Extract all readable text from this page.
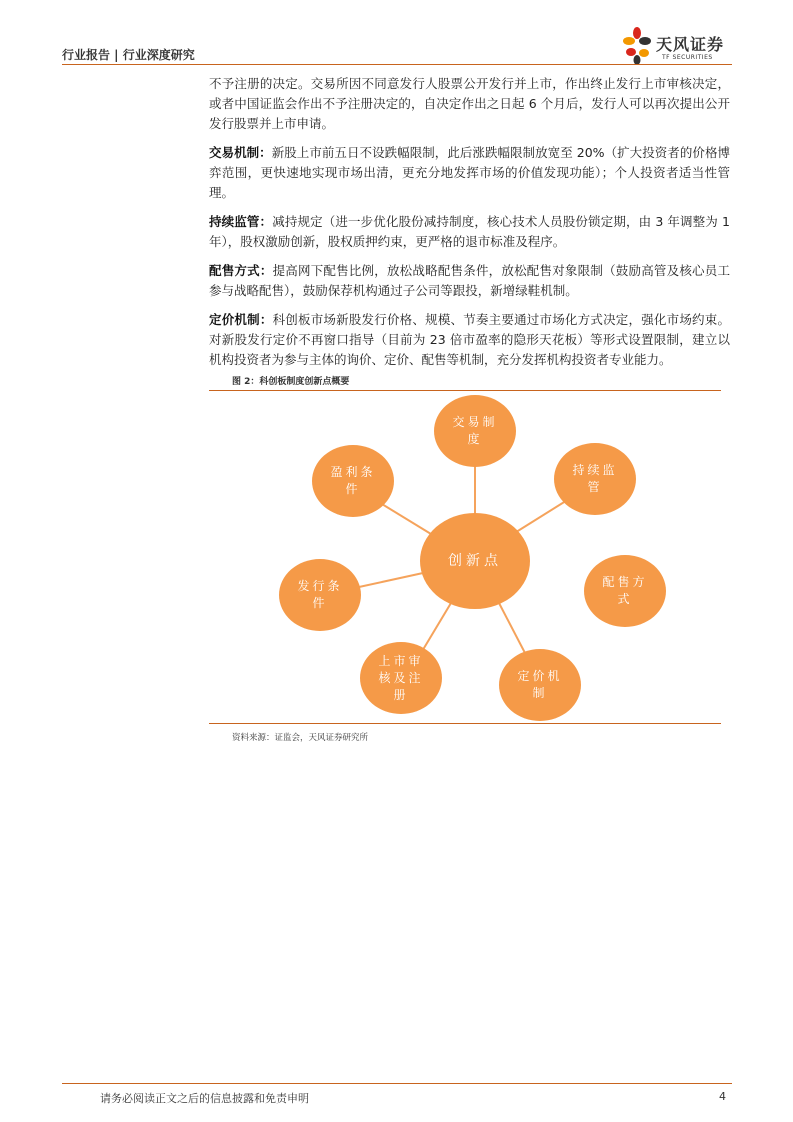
行业报告 | 行业深度研究
天风证券
TF SECURITIES

不予注册的决定。交易所因不同意发行人股票公开发行并上市，作出终止发行上市审核决定，或者中国证监会作出不予注册决定的，自决定作出之日起 6 个月后，发行人可以再次提出公开发行股票并上市申请。

交易机制：新股上市前五日不设跌幅限制，此后涨跌幅限制放宽至 20%（扩大投资者的价格博弈范围，更快速地实现市场出清，更充分地发挥市场的价值发现功能）；个人投资者适当性管理。

持续监管：减持规定（进一步优化股份减持制度，核心技术人员股份锁定期，由 3 年调整为 1 年），股权激励创新，股权质押约束，更严格的退市标准及程序。

配售方式：提高网下配售比例，放松战略配售条件，放松配售对象限制（鼓励高管及核心员工参与战略配售），鼓励保荐机构通过子公司等跟投，新增绿鞋机制。

定价机制：科创板市场新股发行价格、规模、节奏主要通过市场化方式决定，强化市场约束。对新股发行定价不再窗口指导（目前为 23 倍市盈率的隐形天花板）等形式设置限制，建立以机构投资者为参与主体的询价、定价、配售等机制，充分发挥机构投资者专业能力。

图 2：科创板制度创新点概要
交易制度
持续监管
盈利条件
创新点
发行条件
配售方式
上市审核及注册
定价机制
资料来源：证监会，天风证券研究所
请务必阅读正文之后的信息披露和免责申明	4
